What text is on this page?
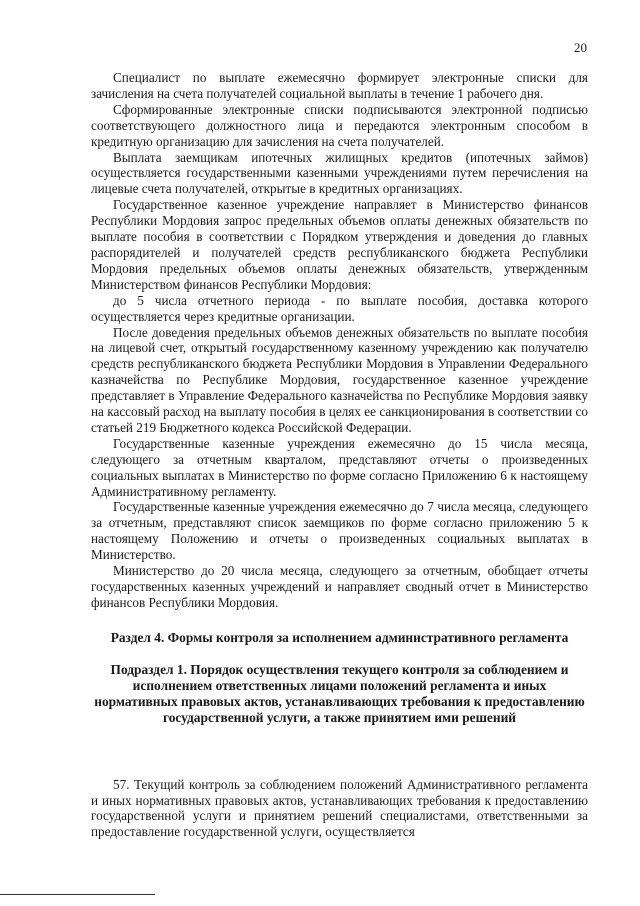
20

Специалист по выплате ежемесячно формирует электронные списки для зачисления на счета получателей социальной выплаты в течение 1 рабочего дня.

Сформированные электронные списки подписываются электронной подписью соответствующего должностного лица и передаются электронным способом в кредитную организацию для зачисления на счета получателей.

Выплата заемщикам ипотечных жилищных кредитов (ипотечных займов) осуществляется государственными казенными учреждениями путем перечисления на лицевые счета получателей, открытые в кредитных организациях.

Государственное казенное учреждение направляет в Министерство финансов Республики Мордовия запрос предельных объемов оплаты денежных обязательств по выплате пособия в соответствии с Порядком утверждения и доведения до главных распорядителей и получателей средств республиканского бюджета Республики Мордовия предельных объемов оплаты денежных обязательств, утвержденным Министерством финансов Республики Мордовия:

до 5 числа отчетного периода - по выплате пособия, доставка которого осуществляется через кредитные организации.

После доведения предельных объемов денежных обязательств по выплате пособия на лицевой счет, открытый государственному казенному учреждению как получателю средств республиканского бюджета Республики Мордовия в Управлении Федерального казначейства по Республике Мордовия, государственное казенное учреждение представляет в Управление Федерального казначейства по Республике Мордовия заявку на кассовый расход на выплату пособия в целях ее санкционирования в соответствии со статьей 219 Бюджетного кодекса Российской Федерации.

Государственные казенные учреждения ежемесячно до 15 числа месяца, следующего за отчетным кварталом, представляют отчеты о произведенных социальных выплатах в Министерство по форме согласно Приложению 6 к настоящему Административному регламенту.

Государственные казенные учреждения ежемесячно до 7 числа месяца, следующего за отчетным, представляют список заемщиков по форме согласно приложению 5 к настоящему Положению и отчеты о произведенных социальных выплатах в Министерство.

Министерство до 20 числа месяца, следующего за отчетным, обобщает отчеты государственных казенных учреждений и направляет сводный отчет в Министерство финансов Республики Мордовия.

Раздел 4. Формы контроля за исполнением административного регламента
Подраздел 1. Порядок осуществления текущего контроля за соблюдением и исполнением ответственных лицами положений регламента и иных нормативных правовых актов, устанавливающих требования к предоставлению государственной услуги, а также принятием ими решений

57. Текущий контроль за соблюдением положений Административного регламента и иных нормативных правовых актов, устанавливающих требования к предоставлению государственной услуги и принятием решений специалистами, ответственными за предоставление государственной услуги, осуществляется
